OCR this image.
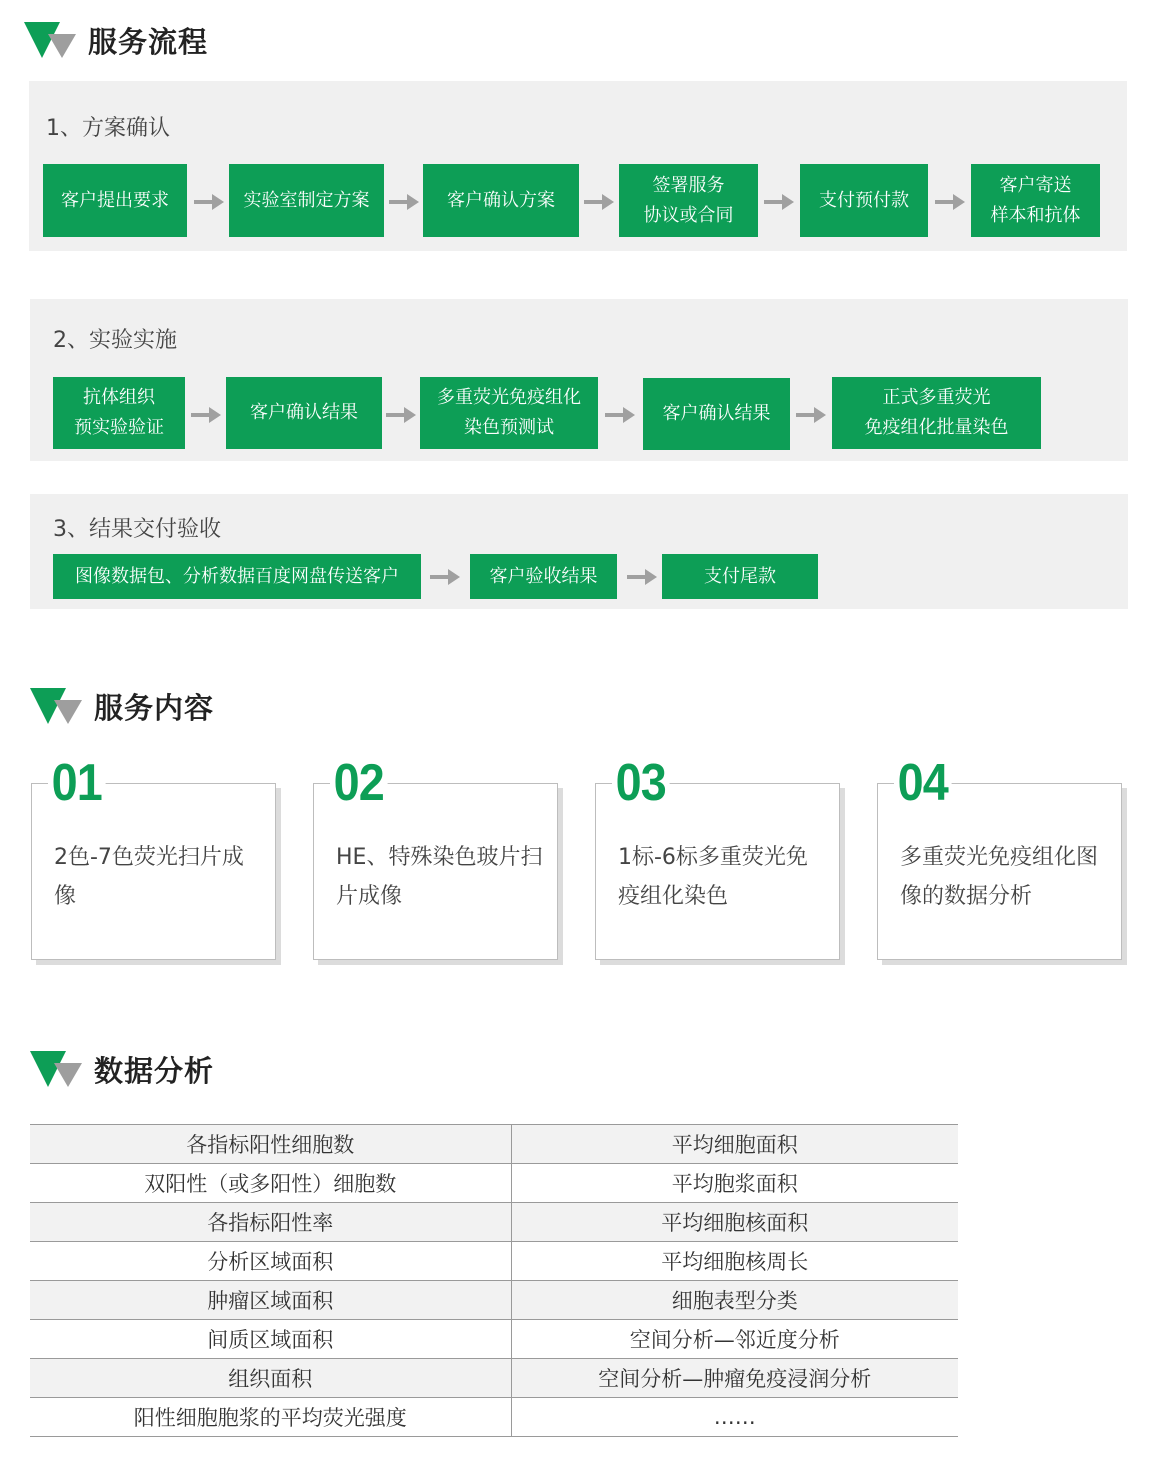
服务流程
1、方案确认
客户提出要求	实验室制定方案	客户确认方案
签署服务
协议或合同
支付预付款
客户寄送
样本和抗体
2、实验实施
抗体组织
预实验验证
客户确认结果
多重荧光免疫组化
染色预测试
客户确认结果
正式多重荧光
免疫组化批量染色
3、结果交付验收
图像数据包、分析数据百度网盘传送客户	客户验收结果	支付尾款
服务内容
01
2色-7色荧光扫片成像
02
HE、特殊染色玻片扫片成像
03
1标-6标多重荧光免疫组化染色
04
多重荧光免疫组化图像的数据分析
数据分析
各指标阳性细胞数	平均细胞面积
双阳性（或多阳性）细胞数	平均胞浆面积
各指标阳性率	平均细胞核面积
分析区域面积	平均细胞核周长
肿瘤区域面积	细胞表型分类
间质区域面积	空间分析—邻近度分析
组织面积	空间分析—肿瘤免疫浸润分析
阳性细胞胞浆的平均荧光强度	……
